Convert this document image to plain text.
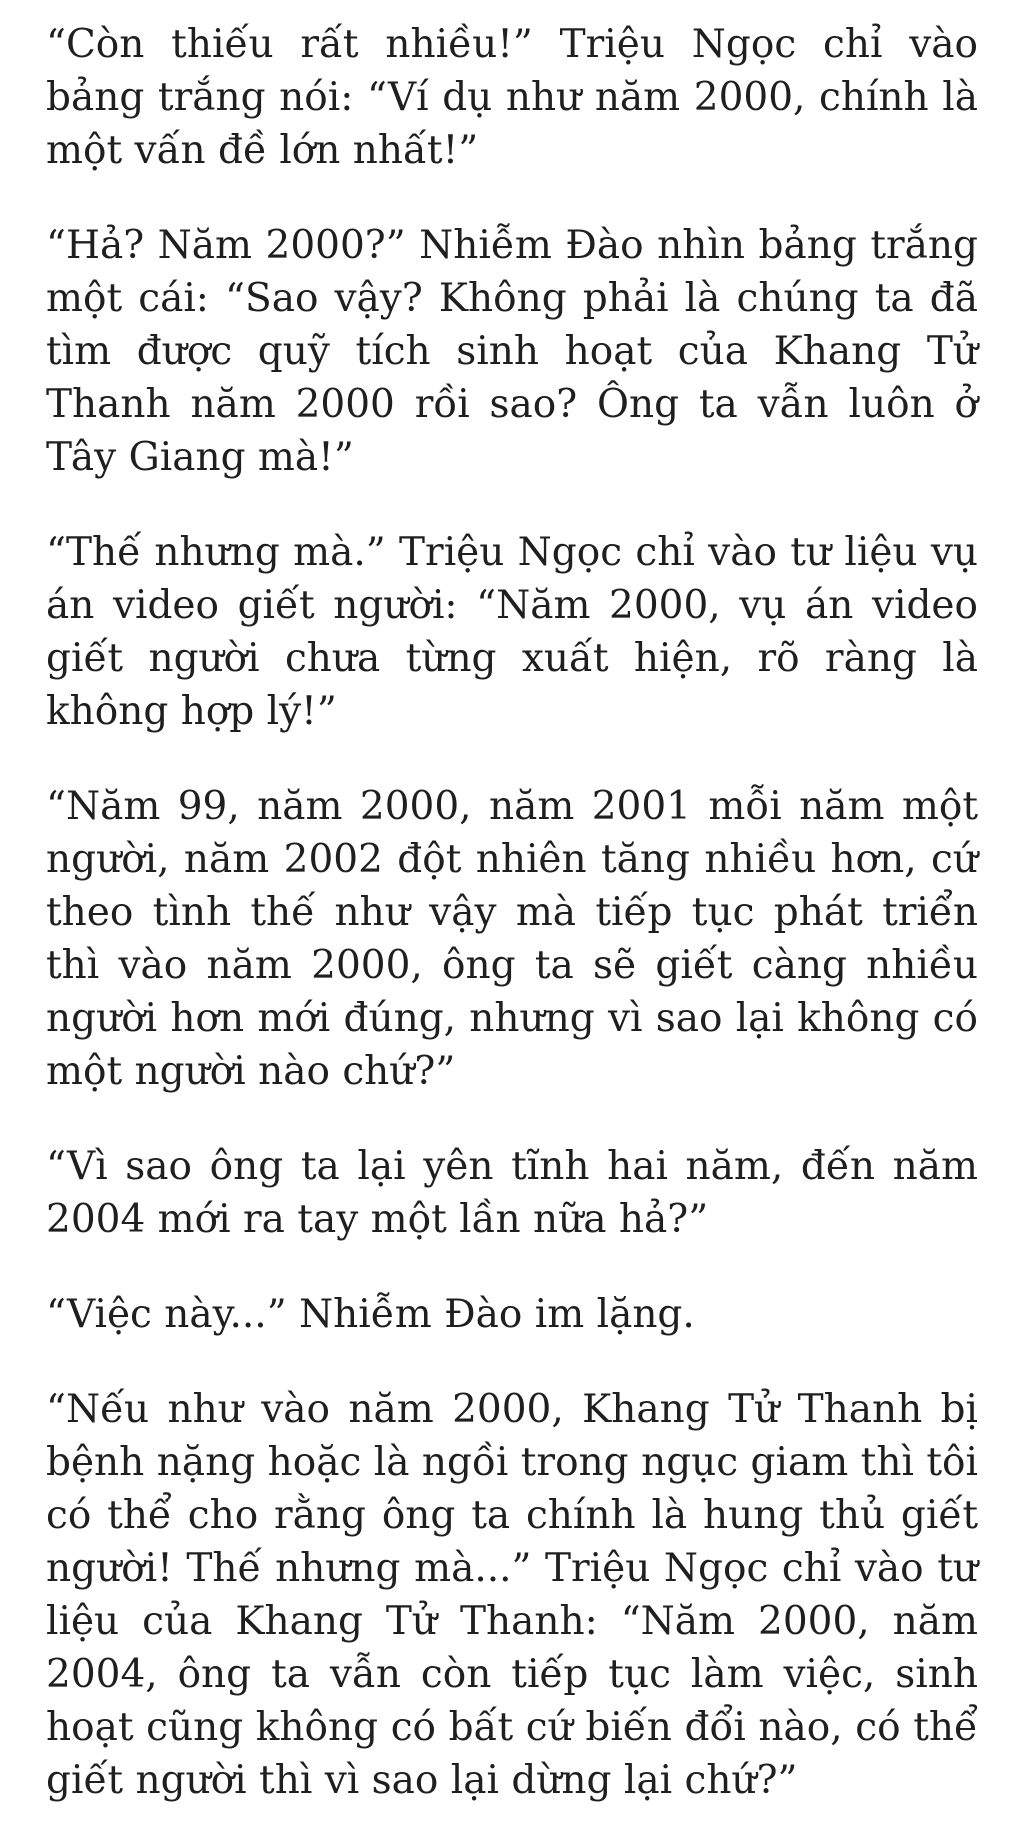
“Còn thiếu rất nhiều!” Triệu Ngọc chỉ vào bảng trắng nói: “Ví dụ như năm 2000, chính là một vấn đề lớn nhất!”

“Hả? Năm 2000?” Nhiễm Đào nhìn bảng trắng một cái: “Sao vậy? Không phải là chúng ta đã tìm được quỹ tích sinh hoạt của Khang Tử Thanh năm 2000 rồi sao? Ông ta vẫn luôn ở Tây Giang mà!”

“Thế nhưng mà.” Triệu Ngọc chỉ vào tư liệu vụ án video giết người: “Năm 2000, vụ án video giết người chưa từng xuất hiện, rõ ràng là không hợp lý!”

“Năm 99, năm 2000, năm 2001 mỗi năm một người, năm 2002 đột nhiên tăng nhiều hơn, cứ theo tình thế như vậy mà tiếp tục phát triển thì vào năm 2000, ông ta sẽ giết càng nhiều người hơn mới đúng, nhưng vì sao lại không có một người nào chứ?”

“Vì sao ông ta lại yên tĩnh hai năm, đến năm 2004 mới ra tay một lần nữa hả?”

“Việc này...” Nhiễm Đào im lặng.

“Nếu như vào năm 2000, Khang Tử Thanh bị bệnh nặng hoặc là ngồi trong ngục giam thì tôi có thể cho rằng ông ta chính là hung thủ giết người! Thế nhưng mà...” Triệu Ngọc chỉ vào tư liệu của Khang Tử Thanh: “Năm 2000, năm 2004, ông ta vẫn còn tiếp tục làm việc, sinh hoạt cũng không có bất cứ biến đổi nào, có thể giết người thì vì sao lại dừng lại chứ?”
